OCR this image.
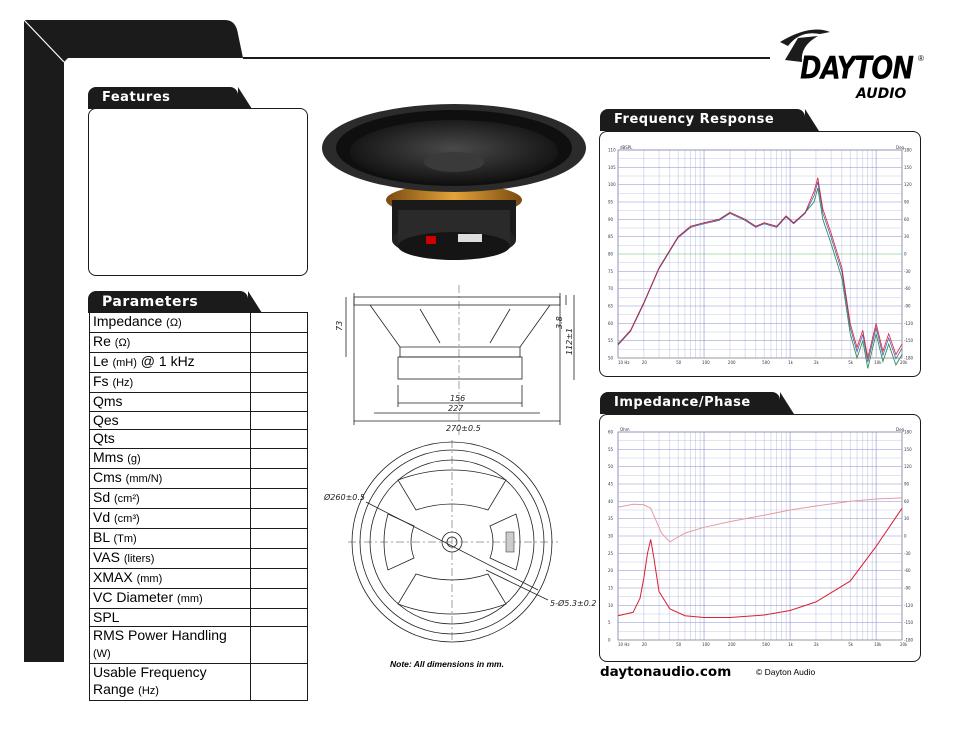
DAYTON ®
AUDIO
Features
Parameters
Impedance (Ω)	
Re (Ω)	
Le (mH) @ 1 kHz	
Fs (Hz)	
Qms	
Qes	
Qts	
Mms (g)	
Cms (mm/N)	
Sd (cm²)	
Vd (cm³)	
BL (Tm)	
VAS (liters)	
XMAX (mm)	
VC Diameter (mm)	
SPL	
RMS Power Handling (W)	
Usable Frequency Range (Hz)	
73	3.8
112±1
156
227
270±0.5
Ø260±0.5
5-Ø5.3±0.2
Note: All dimensions in mm.
Frequency Response
dBSPL	Deg
110	180
105	150
100	120
95	90
90	60
85	30
80	0
75	-30
70	-60
65	-90
60	-120
55	-150
50	-180
10 Hz	20	50	100	200	500	1k	2k	5k	10k	20k
Impedance/Phase
Ohm	Deg
60	180
55	150
50	120
45	90
40	60
35	30
30	0
25	-30
20	-60
15	-90
10	-120
5	-150
0	-180
10 Hz	20	50	100	200	500	1k	2k	5k	10k	20k
daytonaudio.com	© Dayton Audio
